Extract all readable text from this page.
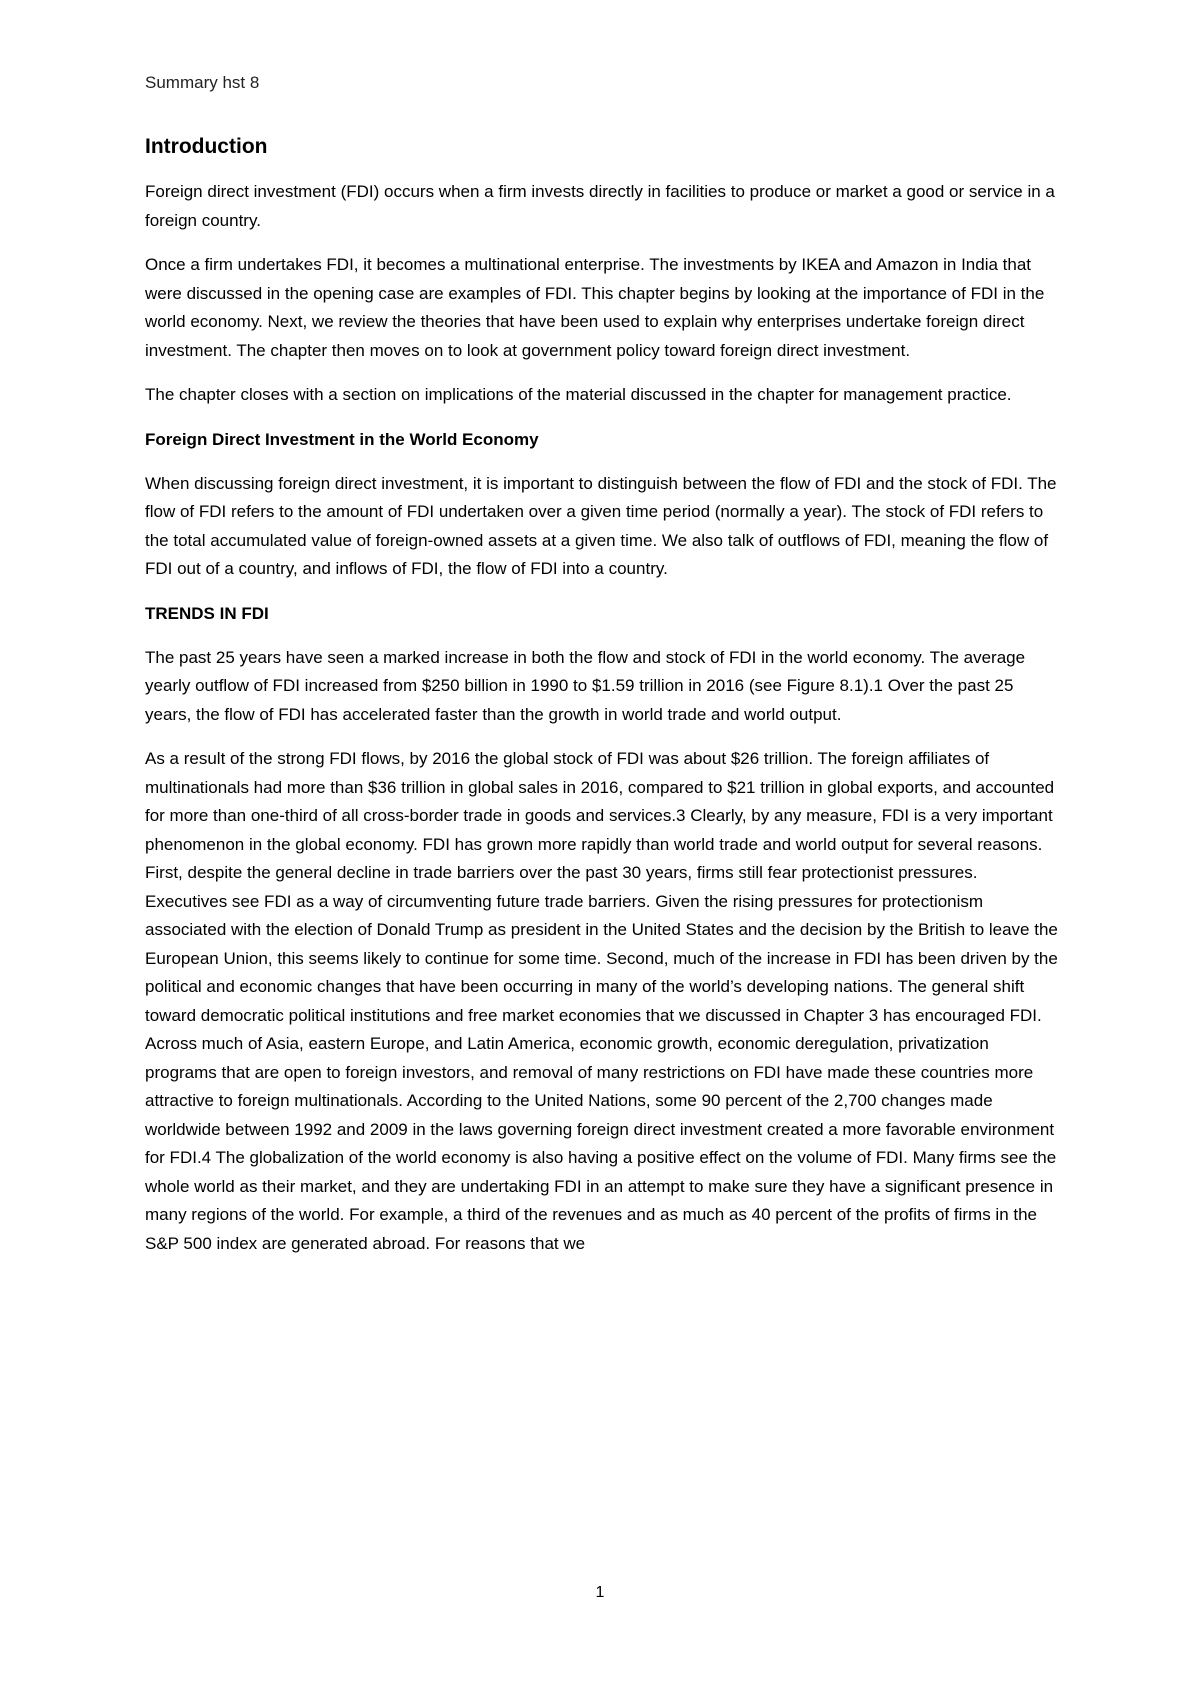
Summary hst 8
Introduction

Foreign direct investment (FDI) occurs when a firm invests directly in facilities to produce or market a good or service in a foreign country.

Once a firm undertakes FDI, it becomes a multinational enterprise. The investments by IKEA and Amazon in India that were discussed in the opening case are examples of FDI. This chapter begins by looking at the importance of FDI in the world economy. Next, we review the theories that have been used to explain why enterprises undertake foreign direct investment. The chapter then moves on to look at government policy toward foreign direct investment.

The chapter closes with a section on implications of the material discussed in the chapter for management practice.

Foreign Direct Investment in the World Economy

When discussing foreign direct investment, it is important to distinguish between the flow of FDI and the stock of FDI. The flow of FDI refers to the amount of FDI undertaken over a given time period (normally a year). The stock of FDI refers to the total accumulated value of foreign-owned assets at a given time. We also talk of outflows of FDI, meaning the flow of FDI out of a country, and inflows of FDI, the flow of FDI into a country.

TRENDS IN FDI

The past 25 years have seen a marked increase in both the flow and stock of FDI in the world economy. The average yearly outflow of FDI increased from $250 billion in 1990 to $1.59 trillion in 2016 (see Figure 8.1).1 Over the past 25 years, the flow of FDI has accelerated faster than the growth in world trade and world output.

As a result of the strong FDI flows, by 2016 the global stock of FDI was about $26 trillion. The foreign affiliates of multinationals had more than $36 trillion in global sales in 2016, compared to $21 trillion in global exports, and accounted for more than one-third of all cross-border trade in goods and services.3 Clearly, by any measure, FDI is a very important phenomenon in the global economy. FDI has grown more rapidly than world trade and world output for several reasons. First, despite the general decline in trade barriers over the past 30 years, firms still fear protectionist pressures. Executives see FDI as a way of circumventing future trade barriers. Given the rising pressures for protectionism associated with the election of Donald Trump as president in the United States and the decision by the British to leave the European Union, this seems likely to continue for some time. Second, much of the increase in FDI has been driven by the political and economic changes that have been occurring in many of the world’s developing nations. The general shift toward democratic political institutions and free market economies that we discussed in Chapter 3 has encouraged FDI. Across much of Asia, eastern Europe, and Latin America, economic growth, economic deregulation, privatization programs that are open to foreign investors, and removal of many restrictions on FDI have made these countries more attractive to foreign multinationals. According to the United Nations, some 90 percent of the 2,700 changes made worldwide between 1992 and 2009 in the laws governing foreign direct investment created a more favorable environment for FDI.4 The globalization of the world economy is also having a positive effect on the volume of FDI. Many firms see the whole world as their market, and they are undertaking FDI in an attempt to make sure they have a significant presence in many regions of the world. For example, a third of the revenues and as much as 40 percent of the profits of firms in the S&P 500 index are generated abroad. For reasons that we

1
